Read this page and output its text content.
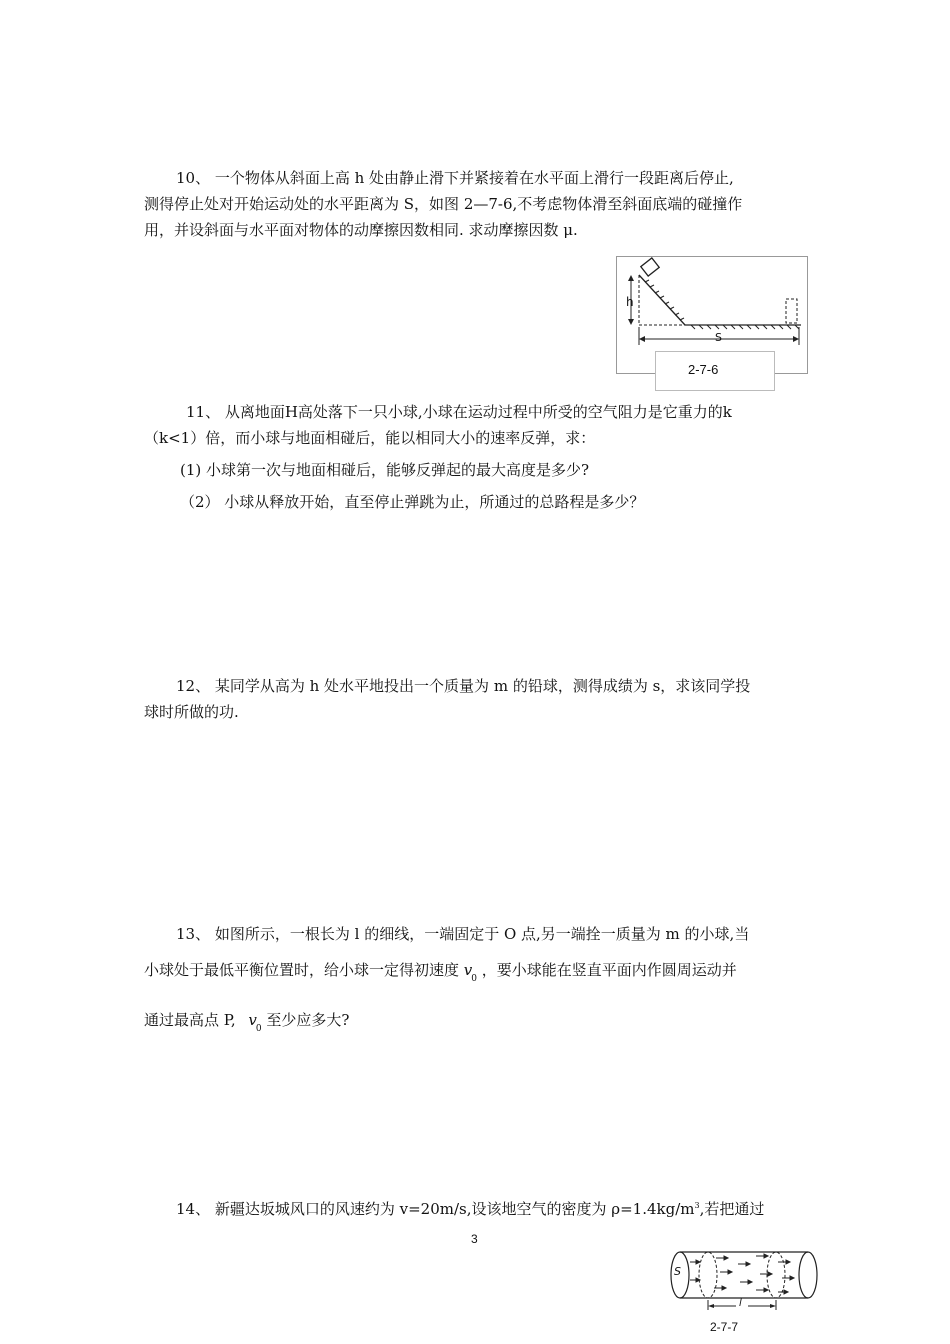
10、 一个物体从斜面上高 h 处由静止滑下并紧接着在水平面上滑行一段距离后停止,
测得停止处对开始运动处的水平距离为 S，如图 2—7-6,不考虑物体滑至斜面底端的碰撞作
用，并设斜面与水平面对物体的动摩擦因数相同. 求动摩擦因数 μ.
h
S
2-7-6
11、 从离地面H高处落下一只小球,小球在运动过程中所受的空气阻力是它重力的k
（k<1）倍，而小球与地面相碰后，能以相同大小的速率反弹，求：
(1) 小球第一次与地面相碰后，能够反弹起的最大高度是多少?
（2） 小球从释放开始，直至停止弹跳为止，所通过的总路程是多少？
12、 某同学从高为 h 处水平地投出一个质量为 m 的铅球，测得成绩为 s，求该同学投
球时所做的功.
13、 如图所示，一根长为 l 的细线，一端固定于 O 点,另一端拴一质量为 m 的小球,当
小球处于最低平衡位置时，给小球一定得初速度 $v_0$ ，要小球能在竖直平面内作圆周运动并
通过最高点 P, $v_0$ 至少应多大?
14、 新疆达坂城风口的风速约为 v=20m/s,设该地空气的密度为 $\rho=1.4kg/m^3$,若把通过
3
S
l
2-7-7
